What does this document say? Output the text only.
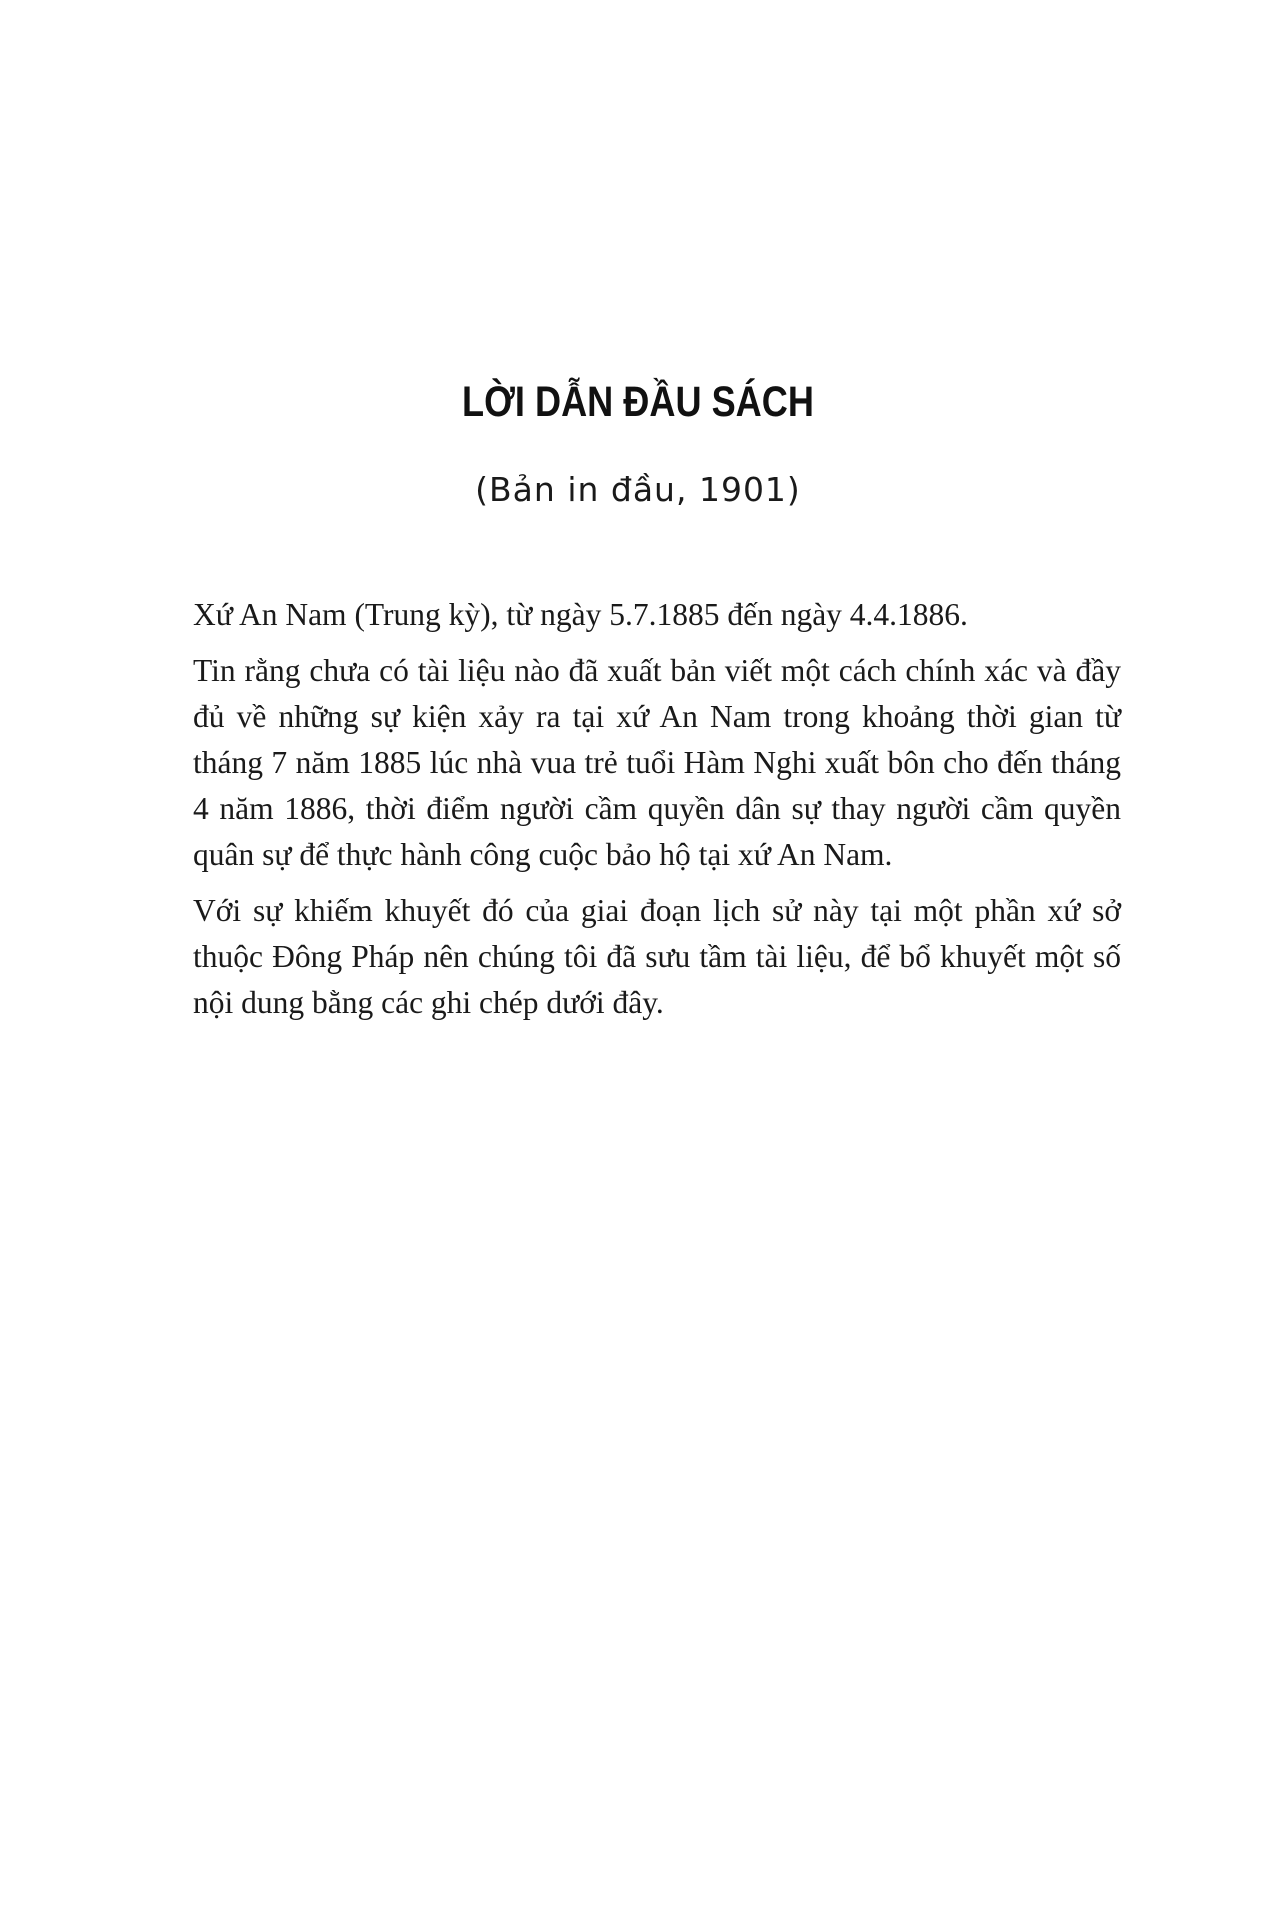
LỜI DẪN ĐẦU SÁCH
(Bản in đầu, 1901)

Xứ An Nam (Trung kỳ), từ ngày 5.7.1885 đến ngày 4.4.1886.

Tin rằng chưa có tài liệu nào đã xuất bản viết một cách chính xác và đầy đủ về những sự kiện xảy ra tại xứ An Nam trong khoảng thời gian từ tháng 7 năm 1885 lúc nhà vua trẻ tuổi Hàm Nghi xuất bôn cho đến tháng 4 năm 1886, thời điểm người cầm quyền dân sự thay người cầm quyền quân sự để thực hành công cuộc bảo hộ tại xứ An Nam.

Với sự khiếm khuyết đó của giai đoạn lịch sử này tại một phần xứ sở thuộc Đông Pháp nên chúng tôi đã sưu tầm tài liệu, để bổ khuyết một số nội dung bằng các ghi chép dưới đây.
